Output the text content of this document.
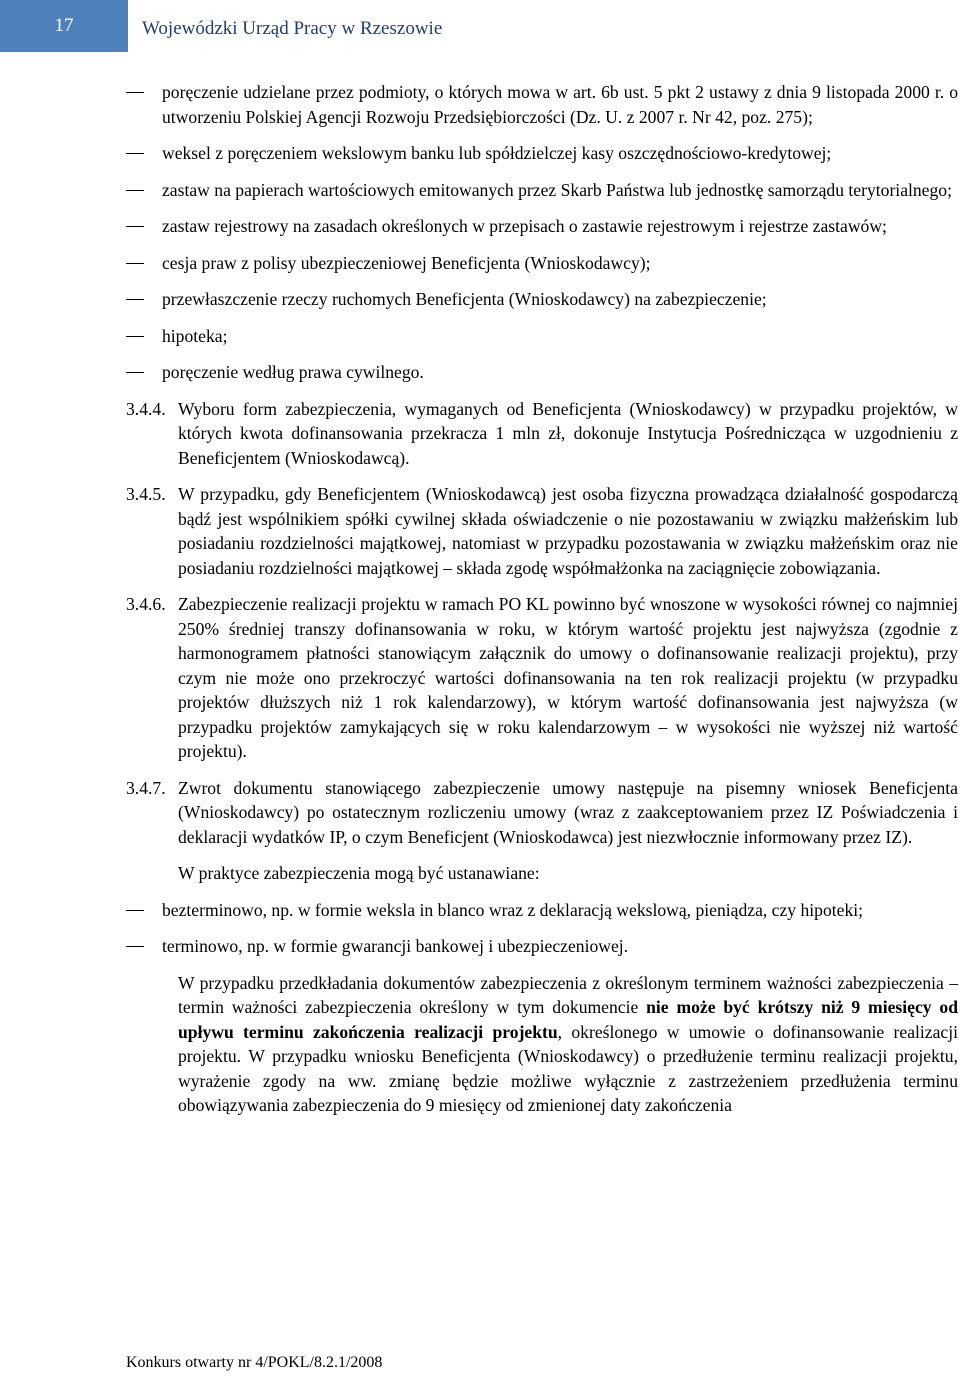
17	Wojewódzki Urząd Pracy w Rzeszowie
poręczenie udzielane przez podmioty, o których mowa w art. 6b ust. 5 pkt 2 ustawy z dnia 9 listopada 2000 r. o utworzeniu Polskiej Agencji Rozwoju Przedsiębiorczości (Dz. U. z 2007 r. Nr 42, poz. 275);
weksel z poręczeniem wekslowym banku lub spółdzielczej kasy oszczędnościowo-kredytowej;
zastaw na papierach wartościowych emitowanych przez Skarb Państwa lub jednostkę samorządu terytorialnego;
zastaw rejestrowy na zasadach określonych w przepisach o zastawie rejestrowym i rejestrze zastawów;
cesja praw z polisy ubezpieczeniowej Beneficjenta (Wnioskodawcy);
przewłaszczenie rzeczy ruchomych Beneficjenta (Wnioskodawcy) na zabezpieczenie;
hipoteka;
poręczenie według prawa cywilnego.
3.4.4. Wyboru form zabezpieczenia, wymaganych od Beneficjenta (Wnioskodawcy) w przypadku projektów, w których kwota dofinansowania przekracza 1 mln zł, dokonuje Instytucja Pośrednicząca w uzgodnieniu z Beneficjentem (Wnioskodawcą).
3.4.5. W przypadku, gdy Beneficjentem (Wnioskodawcą) jest osoba fizyczna prowadząca działalność gospodarczą bądź jest wspólnikiem spółki cywilnej składa oświadczenie o nie pozostawaniu w związku małżeńskim lub posiadaniu rozdzielności majątkowej, natomiast w przypadku pozostawania w związku małżeńskim oraz nie posiadaniu rozdzielności majątkowej – składa zgodę współmałżonka na zaciągnięcie zobowiązania.
3.4.6. Zabezpieczenie realizacji projektu w ramach PO KL powinno być wnoszone w wysokości równej co najmniej 250% średniej transzy dofinansowania w roku, w którym wartość projektu jest najwyższa (zgodnie z harmonogramem płatności stanowiącym załącznik do umowy o dofinansowanie realizacji projektu), przy czym nie może ono przekroczyć wartości dofinansowania na ten rok realizacji projektu (w przypadku projektów dłuższych niż 1 rok kalendarzowy), w którym wartość dofinansowania jest najwyższa (w przypadku projektów zamykających się w roku kalendarzowym – w wysokości nie wyższej niż wartość projektu).
3.4.7. Zwrot dokumentu stanowiącego zabezpieczenie umowy następuje na pisemny wniosek Beneficjenta (Wnioskodawcy) po ostatecznym rozliczeniu umowy (wraz z zaakceptowaniem przez IZ Poświadczenia i deklaracji wydatków IP, o czym Beneficjent (Wnioskodawca) jest niezwłocznie informowany przez IZ).
W praktyce zabezpieczenia mogą być ustanawiane:
bezterminowo, np. w formie weksla in blanco wraz z deklaracją wekslową, pieniądza, czy hipoteki;
terminowo, np. w formie gwarancji bankowej i ubezpieczeniowej.
W przypadku przedkładania dokumentów zabezpieczenia z określonym terminem ważności zabezpieczenia – termin ważności zabezpieczenia określony w tym dokumencie nie może być krótszy niż 9 miesięcy od upływu terminu zakończenia realizacji projektu, określonego w umowie o dofinansowanie realizacji projektu. W przypadku wniosku Beneficjenta (Wnioskodawcy) o przedłużenie terminu realizacji projektu, wyrażenie zgody na ww. zmianę będzie możliwe wyłącznie z zastrzeżeniem przedłużenia terminu obowiązywania zabezpieczenia do 9 miesięcy od zmienionej daty zakończenia
Konkurs otwarty nr 4/POKL/8.2.1/2008
